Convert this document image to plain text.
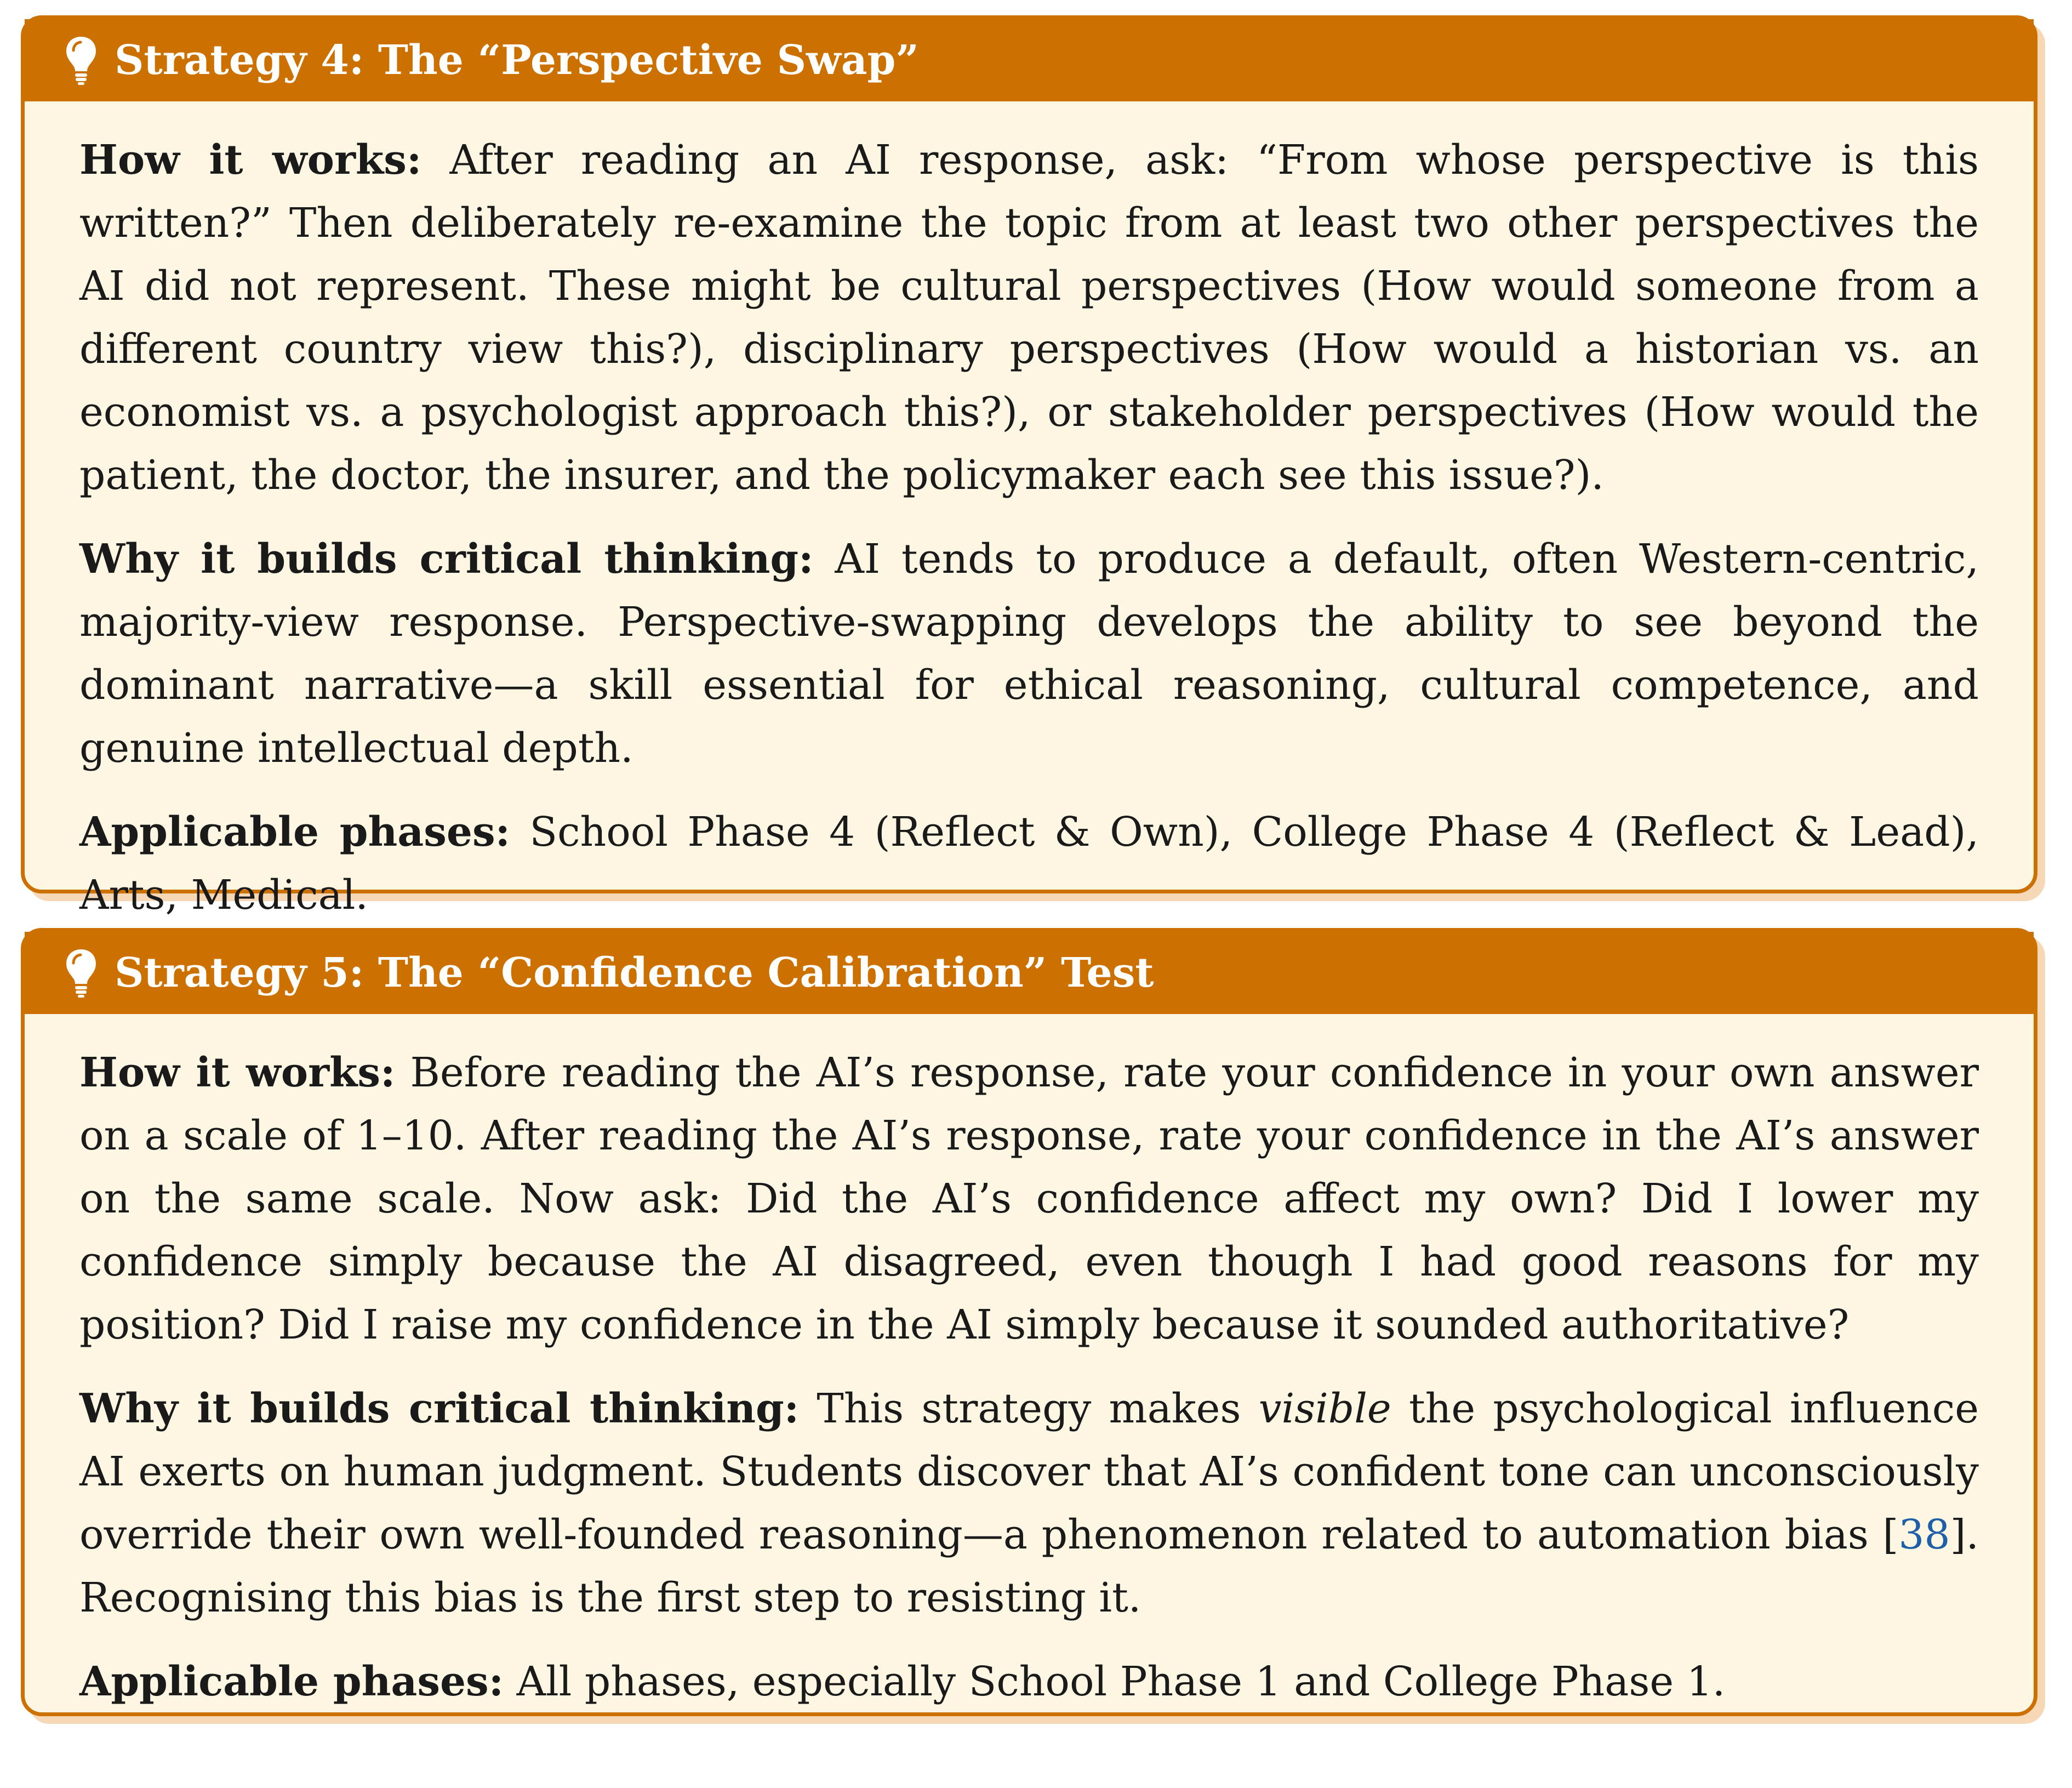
Strategy 4: The “Perspective Swap”

How it works: After reading an AI response, ask: “From whose perspective is this written?” Then deliberately re-examine the topic from at least two other perspectives the AI did not represent. These might be cultural perspectives (How would someone from a different country view this?), disciplinary perspectives (How would a historian vs. an economist vs. a psychologist approach this?), or stakeholder perspectives (How would the patient, the doctor, the insurer, and the policymaker each see this issue?).

Why it builds critical thinking: AI tends to produce a default, often Western-centric, majority-view response. Perspective-swapping develops the ability to see beyond the dominant narrative—a skill essential for ethical reasoning, cultural competence, and genuine intellectual depth.

Applicable phases: School Phase 4 (Reflect & Own), College Phase 4 (Reflect & Lead), Arts, Medical.

Strategy 5: The “Confidence Calibration” Test

How it works: Before reading the AI’s response, rate your confidence in your own answer on a scale of 1–10. After reading the AI’s response, rate your confidence in the AI’s answer on the same scale. Now ask: Did the AI’s confidence affect my own? Did I lower my confidence simply because the AI disagreed, even though I had good reasons for my position? Did I raise my confidence in the AI simply because it sounded authoritative?

Why it builds critical thinking: This strategy makes visible the psychological influence AI exerts on human judgment. Students discover that AI’s confident tone can unconsciously override their own well-founded reasoning—a phenomenon related to automation bias [38]. Recognising this bias is the first step to resisting it.

Applicable phases: All phases, especially School Phase 1 and College Phase 1.
